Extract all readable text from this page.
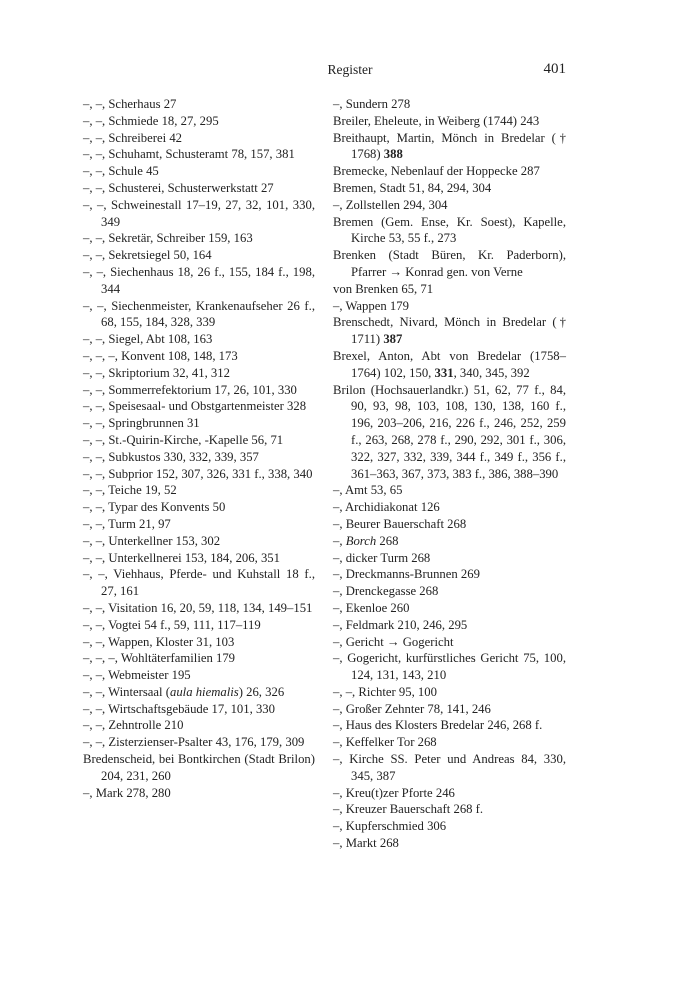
Register	401
–, –, Scherhaus 27
–, –, Schmiede 18, 27, 295
–, –, Schreiberei 42
–, –, Schuhamt, Schusteramt 78, 157, 381
–, –, Schule 45
–, –, Schusterei, Schusterwerkstatt 27
–, –, Schweinestall 17–19, 27, 32, 101, 330, 349
–, –, Sekretär, Schreiber 159, 163
–, –, Sekretsiegel 50, 164
–, –, Siechenhaus 18, 26 f., 155, 184 f., 198, 344
–, –, Siechenmeister, Krankenaufseher 26 f., 68, 155, 184, 328, 339
–, –, Siegel, Abt 108, 163
–, –, –, Konvent 108, 148, 173
–, –, Skriptorium 32, 41, 312
–, –, Sommerrefektorium 17, 26, 101, 330
–, –, Speisesaal- und Obstgartenmeister 328
–, –, Springbrunnen 31
–, –, St.-Quirin-Kirche, -Kapelle 56, 71
–, –, Subkustos 330, 332, 339, 357
–, –, Subprior 152, 307, 326, 331 f., 338, 340
–, –, Teiche 19, 52
–, –, Typar des Konvents 50
–, –, Turm 21, 97
–, –, Unterkellner 153, 302
–, –, Unterkellnerei 153, 184, 206, 351
–, –, Viehhaus, Pferde- und Kuhstall 18 f., 27, 161
–, –, Visitation 16, 20, 59, 118, 134, 149–151
–, –, Vogtei 54 f., 59, 111, 117–119
–, –, Wappen, Kloster 31, 103
–, –, –, Wohltäterfamilien 179
–, –, Webmeister 195
–, –, Wintersaal (aula hiemalis) 26, 326
–, –, Wirtschaftsgebäude 17, 101, 330
–, –, Zehntrolle 210
–, –, Zisterzienser-Psalter 43, 176, 179, 309
Bredenscheid, bei Bontkirchen (Stadt Brilon) 204, 231, 260
–, Mark 278, 280
–, Sundern 278
Breiler, Eheleute, in Weiberg (1744) 243
Breithaupt, Martin, Mönch in Bredelar († 1768) 388
Bremecke, Nebenlauf der Hoppecke 287
Bremen, Stadt 51, 84, 294, 304
–, Zollstellen 294, 304
Bremen (Gem. Ense, Kr. Soest), Kapelle, Kirche 53, 55 f., 273
Brenken (Stadt Büren, Kr. Paderborn), Pfarrer → Konrad gen. von Verne
von Brenken 65, 71
–, Wappen 179
Brenschedt, Nivard, Mönch in Bredelar († 1711) 387
Brexel, Anton, Abt von Bredelar (1758–1764) 102, 150, 331, 340, 345, 392
Brilon (Hochsauerlandkr.) 51, 62, 77 f., 84, 90, 93, 98, 103, 108, 130, 138, 160 f., 196, 203–206, 216, 226 f., 246, 252, 259 f., 263, 268, 278 f., 290, 292, 301 f., 306, 322, 327, 332, 339, 344 f., 349 f., 356 f., 361–363, 367, 373, 383 f., 386, 388–390
–, Amt 53, 65
–, Archidiakonat 126
–, Beurer Bauerschaft 268
–, Borch 268
–, dicker Turm 268
–, Dreckmanns-Brunnen 269
–, Drenckegasse 268
–, Ekenloe 260
–, Feldmark 210, 246, 295
–, Gericht → Gogericht
–, Gogericht, kurfürstliches Gericht 75, 100, 124, 131, 143, 210
–, –, Richter 95, 100
–, Großer Zehnter 78, 141, 246
–, Haus des Klosters Bredelar 246, 268 f.
–, Keffelker Tor 268
–, Kirche SS. Peter und Andreas 84, 330, 345, 387
–, Kreu(t)zer Pforte 246
–, Kreuzer Bauerschaft 268 f.
–, Kupferschmied 306
–, Markt 268
